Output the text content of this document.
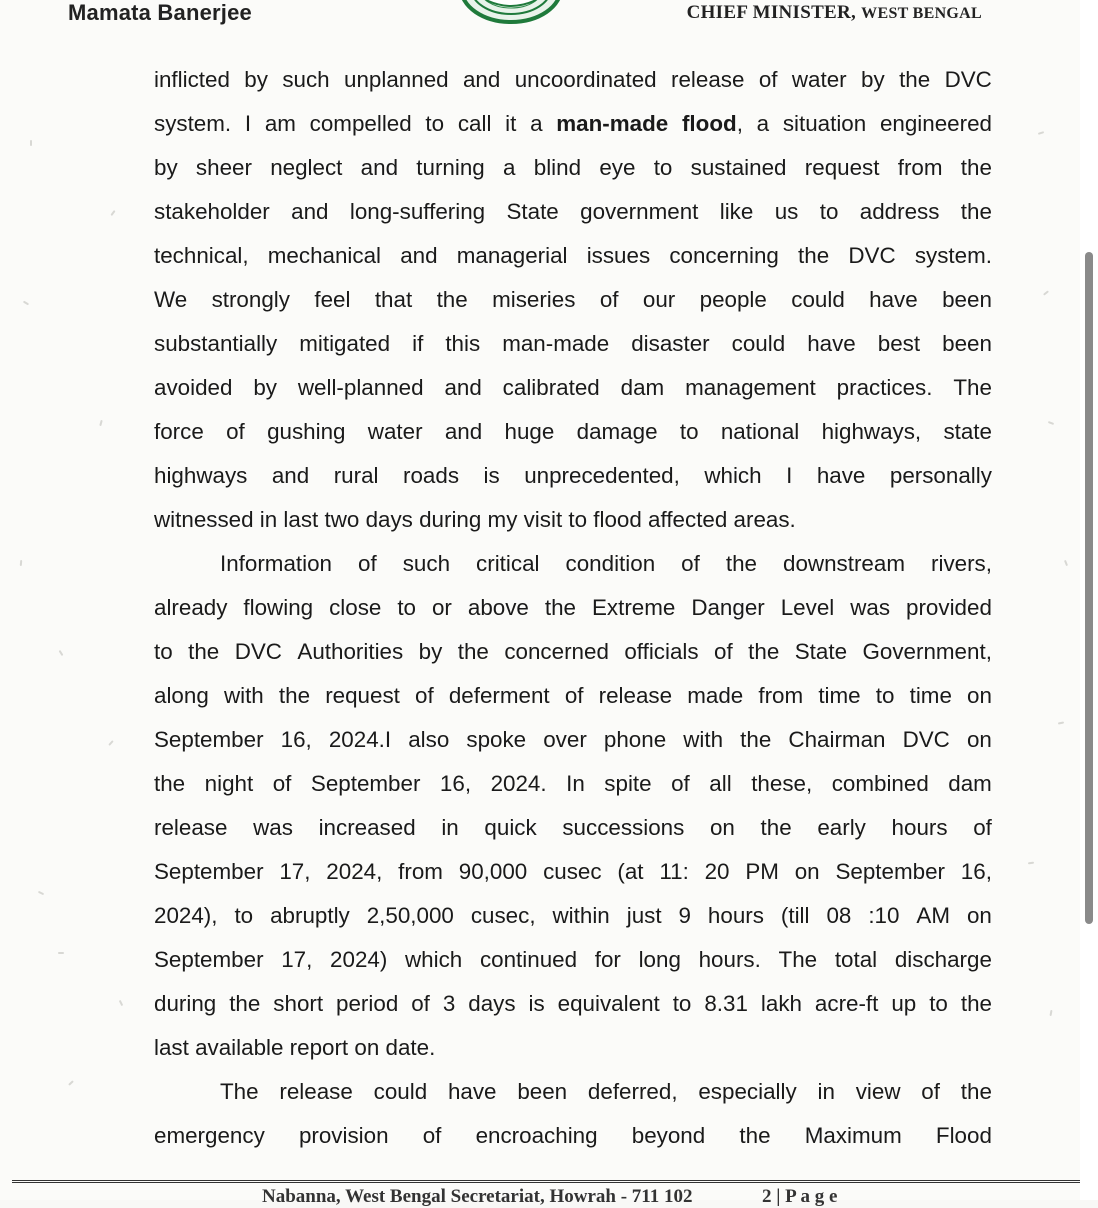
Mamata Banerjee	CHIEF MINISTER, WEST BENGAL
inflicted by such unplanned and uncoordinated release of water by the DVC
system. I am compelled to call it a man-made flood, a situation engineered
by sheer neglect and turning a blind eye to sustained request from the
stakeholder and long-suffering State government like us to address the
technical, mechanical and managerial issues concerning the DVC system.
We strongly feel that the miseries of our people could have been
substantially mitigated if this man-made disaster could have best been
avoided by well-planned and calibrated dam management practices. The
force of gushing water and huge damage to national highways, state
highways and rural roads is unprecedented, which I have personally
witnessed in last two days during my visit to flood affected areas.
Information of such critical condition of the downstream rivers,
already flowing close to or above the Extreme Danger Level was provided
to the DVC Authorities by the concerned officials of the State Government,
along with the request of deferment of release made from time to time on
September 16, 2024.I also spoke over phone with the Chairman DVC on
the night of September 16, 2024. In spite of all these, combined dam
release was increased in quick successions on the early hours of
September 17, 2024, from 90,000 cusec (at 11: 20 PM on September 16,
2024), to abruptly 2,50,000 cusec, within just 9 hours (till 08 :10 AM on
September 17, 2024) which continued for long hours. The total discharge
during the short period of 3 days is equivalent to 8.31 lakh acre-ft up to the
last available report on date.
The release could have been deferred, especially in view of the
emergency provision of encroaching beyond the Maximum Flood
Nabanna, West Bengal Secretariat, Howrah - 711 102	2 | P a g e
